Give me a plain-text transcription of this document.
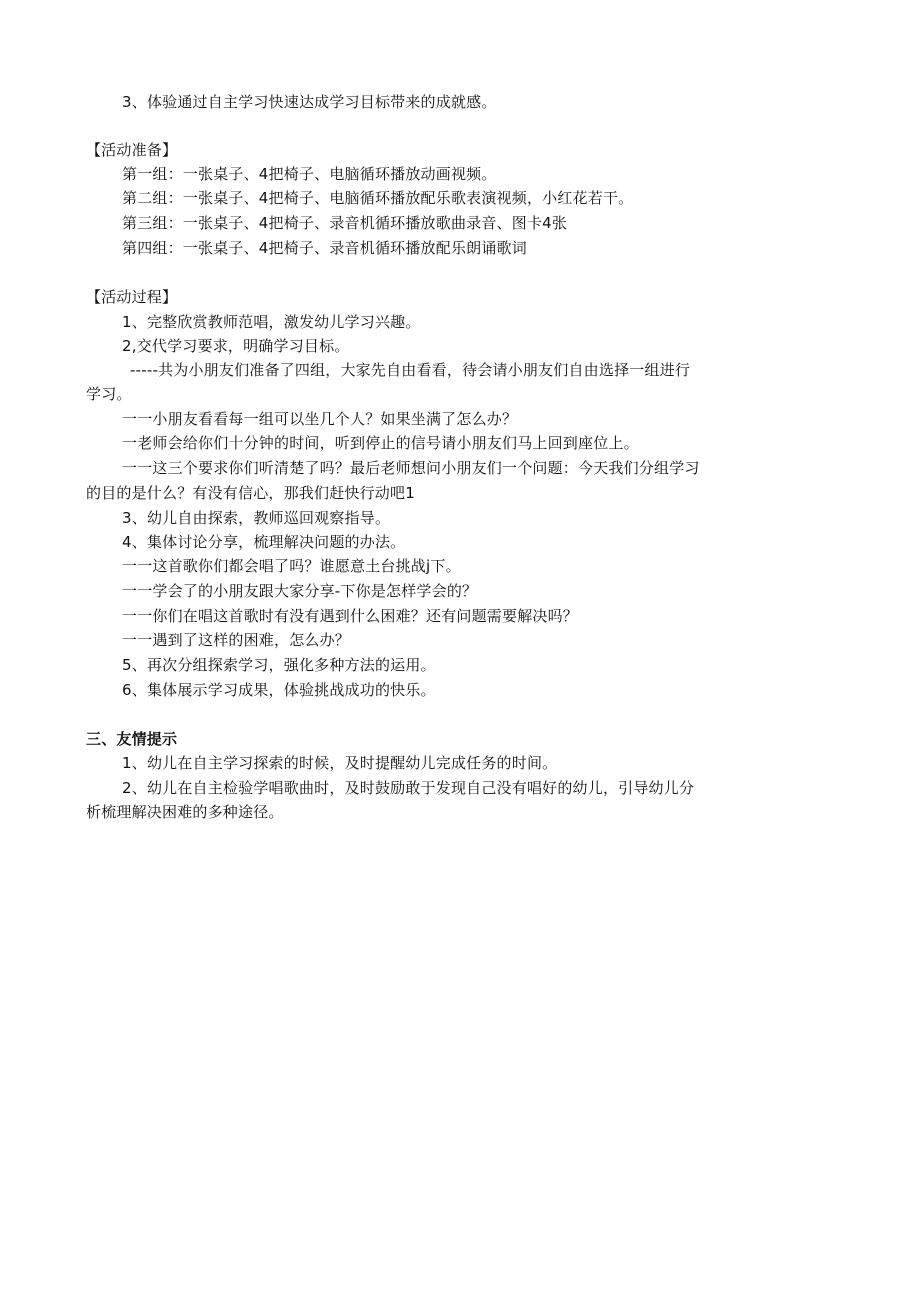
3、体验通过自主学习快速达成学习目标带来的成就感。
【活动准备】
第一组：一张桌子、4把椅子、电脑循环播放动画视频。
第二组：一张桌子、4把椅子、电脑循环播放配乐歌表演视频，小红花若干。
第三组：一张桌子、4把椅子、录音机循环播放歌曲录音、图卡4张
第四组：一张桌子、4把椅子、录音机循环播放配乐朗诵歌词
【活动过程】
1、完整欣赏教师范唱，激发幼儿学习兴趣。
2,交代学习要求，明确学习目标。
-----共为小朋友们准备了四组，大家先自由看看，待会请小朋友们自由选择一组进行
学习。
一一小朋友看看每一组可以坐几个人？如果坐满了怎么办？
一老师会给你们十分钟的时间，听到停止的信号请小朋友们马上回到座位上。
一一这三个要求你们听清楚了吗？最后老师想问小朋友们一个问题：今天我们分组学习
的目的是什么？有没有信心，那我们赶快行动吧1
3、幼儿自由探索，教师巡回观察指导。
4、集体讨论分享，梳理解决问题的办法。
一一这首歌你们都会唱了吗？谁愿意土台挑战j下。
一一学会了的小朋友跟大家分享-下你是怎样学会的？
一一你们在唱这首歌时有没有遇到什么困难？还有问题需要解决吗？
一一遇到了这样的困难，怎么办？
5、再次分组探索学习，强化多种方法的运用。
6、集体展示学习成果，体验挑战成功的快乐。
三、友情提示
1、幼儿在自主学习探索的时候，及时提醒幼儿完成任务的时间。
2、幼儿在自主检验学唱歌曲时，及时鼓励敢于发现自己没有唱好的幼儿，引导幼儿分
析梳理解决困难的多种途径。
